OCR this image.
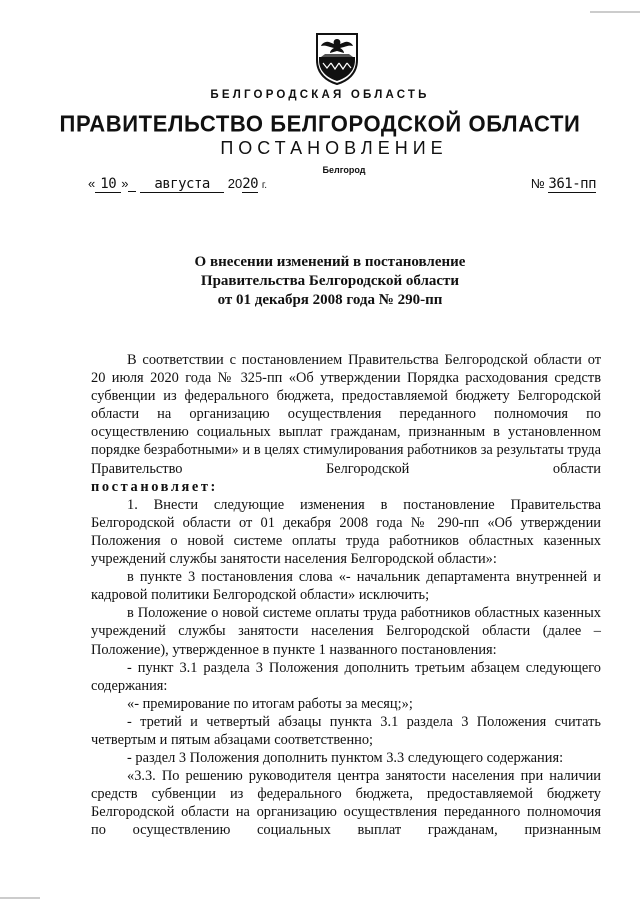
БЕЛГОРОДСКАЯ ОБЛАСТЬ
ПРАВИТЕЛЬСТВО БЕЛГОРОДСКОЙ ОБЛАСТИ
ПОСТАНОВЛЕНИЕ
Белгород
« 10 » августа 2020 г.	№ 361-пп
О внесении изменений в постановление
Правительства Белгородской области
от 01 декабря 2008 года № 290-пп

В соответствии с постановлением Правительства Белгородской области от 20 июля 2020 года № 325-пп «Об утверждении Порядка расходования средств субвенции из федерального бюджета, предоставляемой бюджету Белгородской области на организацию осуществления переданного полномочия по осуществлению социальных выплат гражданам, признанным в установленном порядке безработными» и в целях стимулирования работников за результаты труда Правительство Белгородской области

постановляет:

1. Внести следующие изменения в постановление Правительства Белгородской области от 01 декабря 2008 года № 290-пп «Об утверждении Положения о новой системе оплаты труда работников областных казенных учреждений службы занятости населения Белгородской области»:

в пункте 3 постановления слова «- начальник департамента внутренней и кадровой политики Белгородской области» исключить;

в Положение о новой системе оплаты труда работников областных казенных учреждений службы занятости населения Белгородской области (далее – Положение), утвержденное в пункте 1 названного постановления:

- пункт 3.1 раздела 3 Положения дополнить третьим абзацем следующего содержания:

«- премирование по итогам работы за месяц;»;

- третий и четвертый абзацы пункта 3.1 раздела 3 Положения считать четвертым и пятым абзацами соответственно;

- раздел 3 Положения дополнить пунктом 3.3 следующего содержания:

«3.3. По решению руководителя центра занятости населения при наличии средств субвенции из федерального бюджета, предоставляемой бюджету Белгородской области на организацию осуществления переданного полномочия по осуществлению социальных выплат гражданам, признанным
